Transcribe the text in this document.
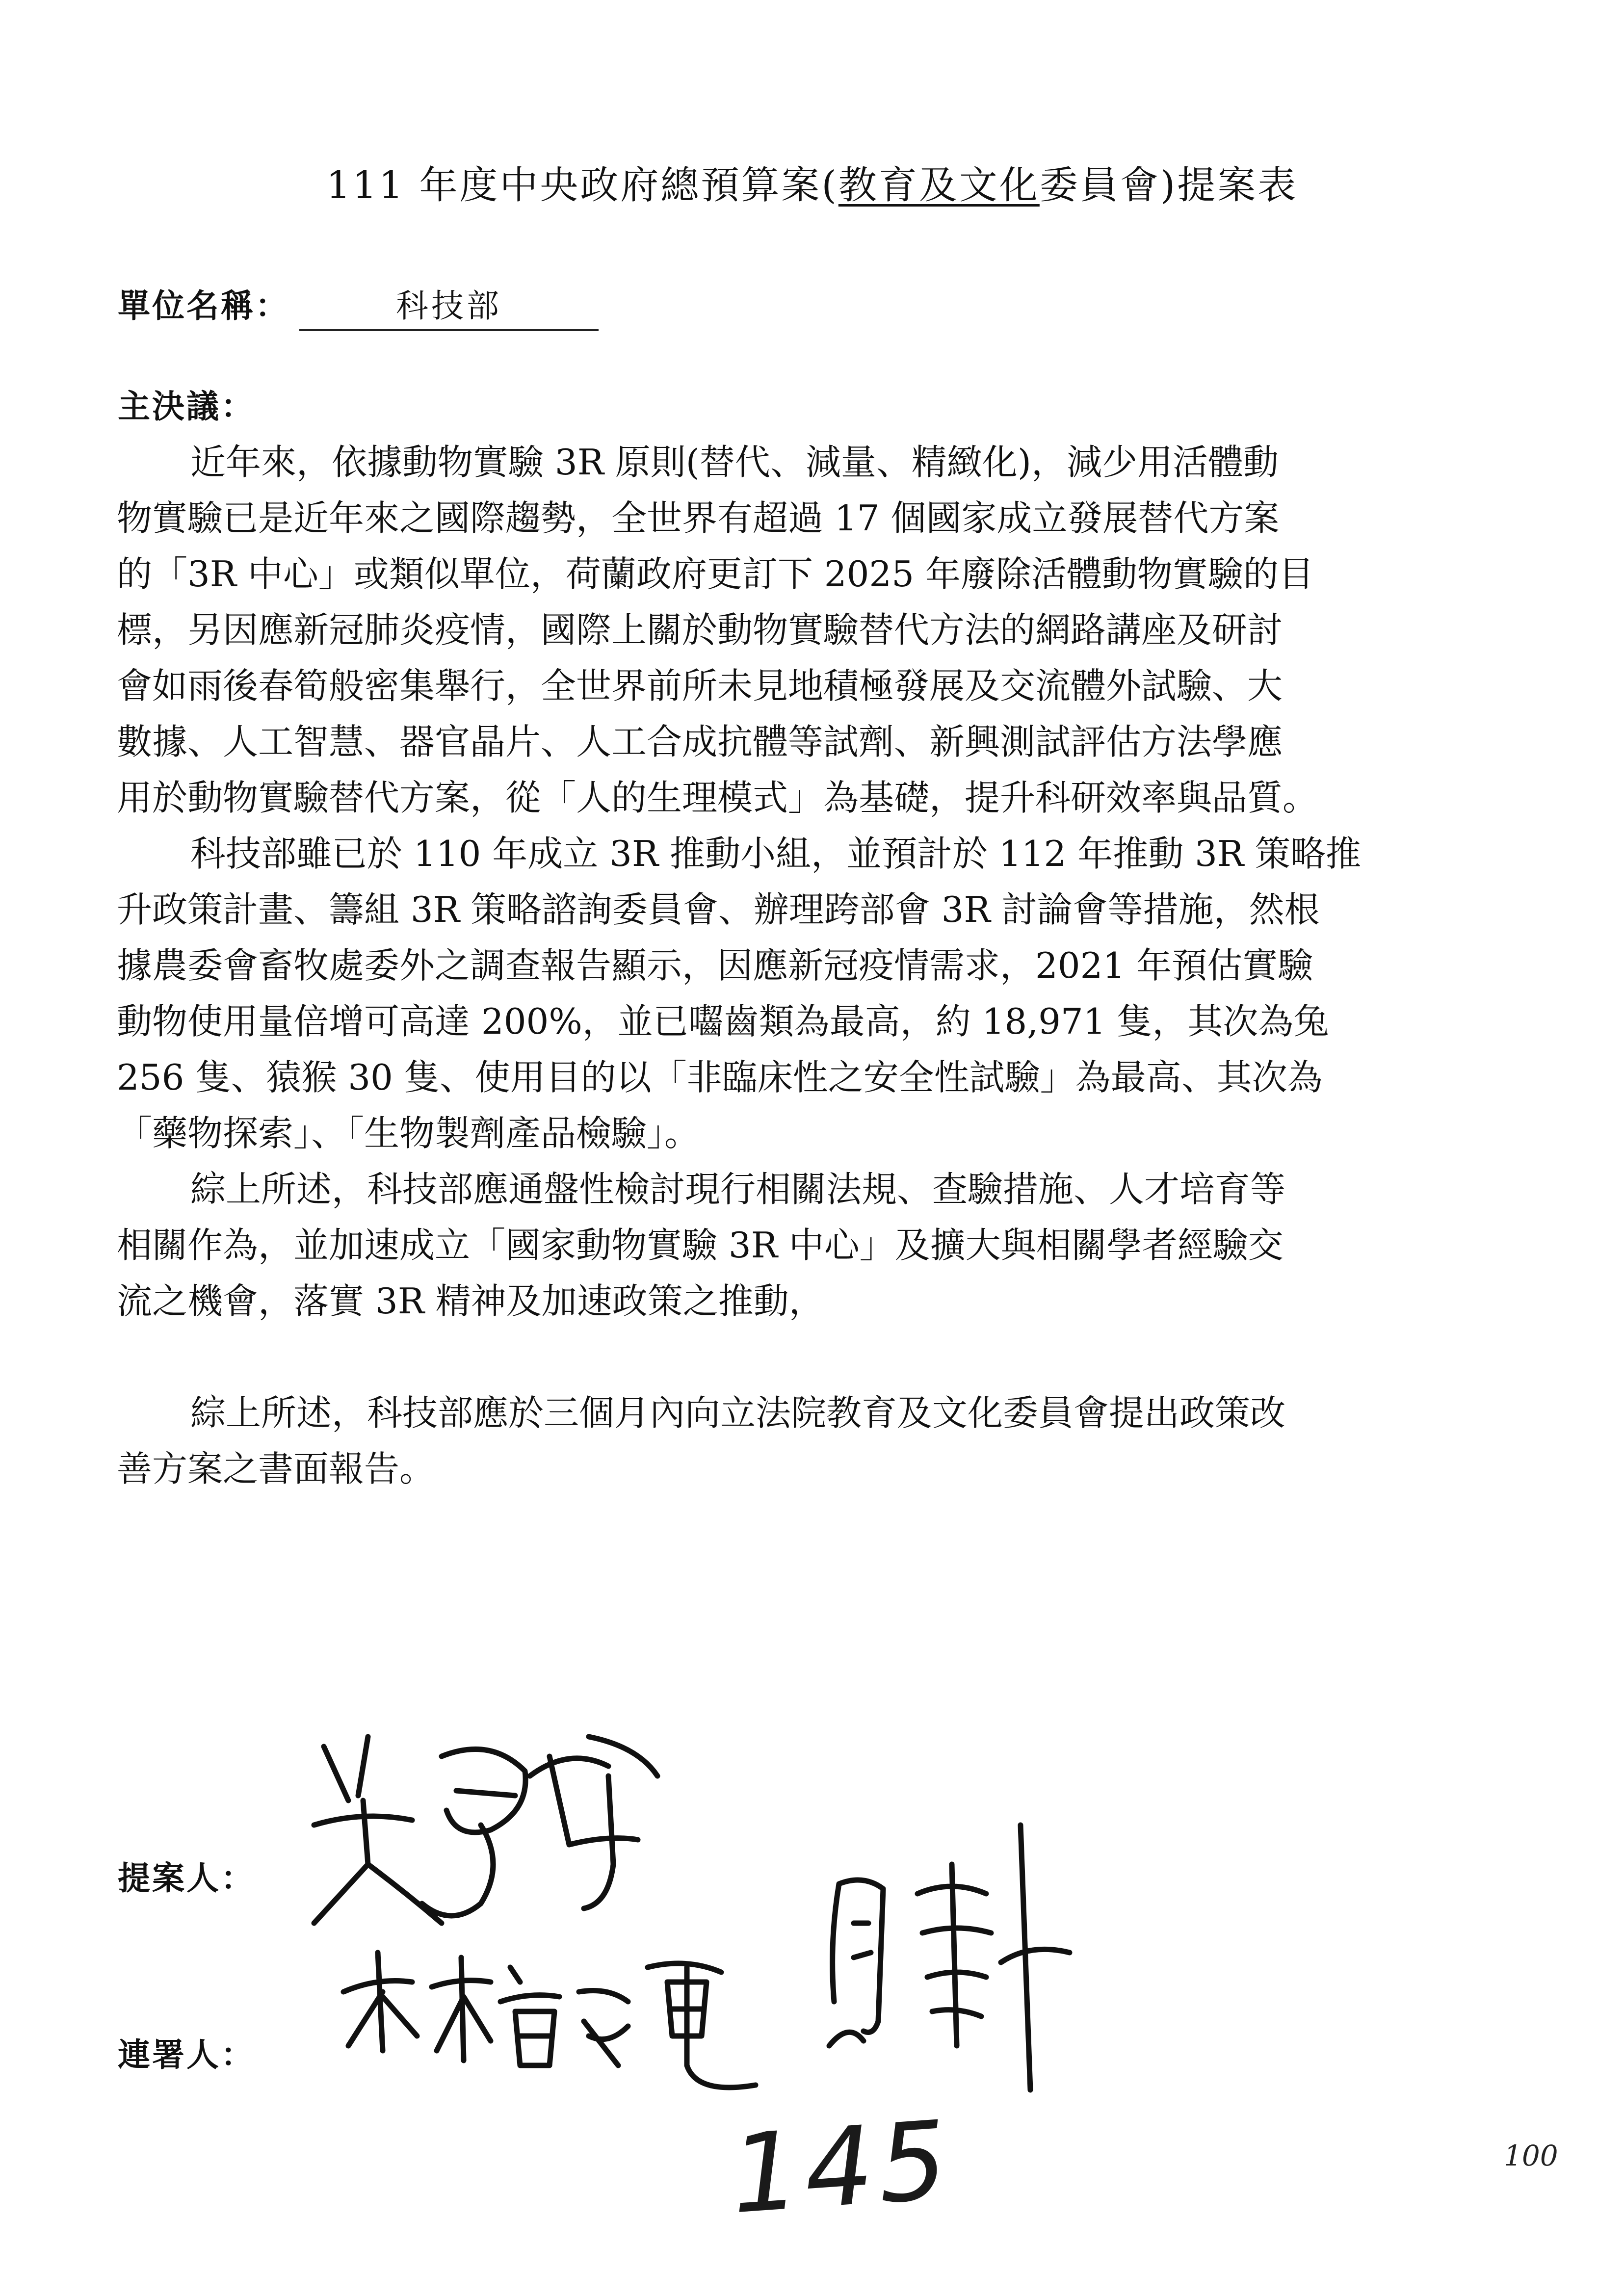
111 年度中央政府總預算案(教育及文化委員會)提案表
單位名稱：	科技部
主決議：
近年來，依據動物實驗 3R 原則(替代、減量、精緻化)，減少用活體動
物實驗已是近年來之國際趨勢，全世界有超過 17 個國家成立發展替代方案
的「3R 中心」或類似單位，荷蘭政府更訂下 2025 年廢除活體動物實驗的目
標，另因應新冠肺炎疫情，國際上關於動物實驗替代方法的網路講座及研討
會如雨後春筍般密集舉行，全世界前所未見地積極發展及交流體外試驗、大
數據、人工智慧、器官晶片、人工合成抗體等試劑、新興測試評估方法學應
用於動物實驗替代方案，從「人的生理模式」為基礎，提升科研效率與品質。
科技部雖已於 110 年成立 3R 推動小組，並預計於 112 年推動 3R 策略推
升政策計畫、籌組 3R 策略諮詢委員會、辦理跨部會 3R 討論會等措施，然根
據農委會畜牧處委外之調查報告顯示，因應新冠疫情需求，2021 年預估實驗
動物使用量倍增可高達 200%，並已囓齒類為最高，約 18,971 隻，其次為兔
256 隻、猿猴 30 隻、使用目的以「非臨床性之安全性試驗」為最高、其次為
「藥物探索」、「生物製劑產品檢驗」。
綜上所述，科技部應通盤性檢討現行相關法規、查驗措施、人才培育等
相關作為，並加速成立「國家動物實驗 3R 中心」及擴大與相關學者經驗交
流之機會，落實 3R 精神及加速政策之推動，
綜上所述，科技部應於三個月內向立法院教育及文化委員會提出政策改
善方案之書面報告。
提案人：
連署人：
145	100
